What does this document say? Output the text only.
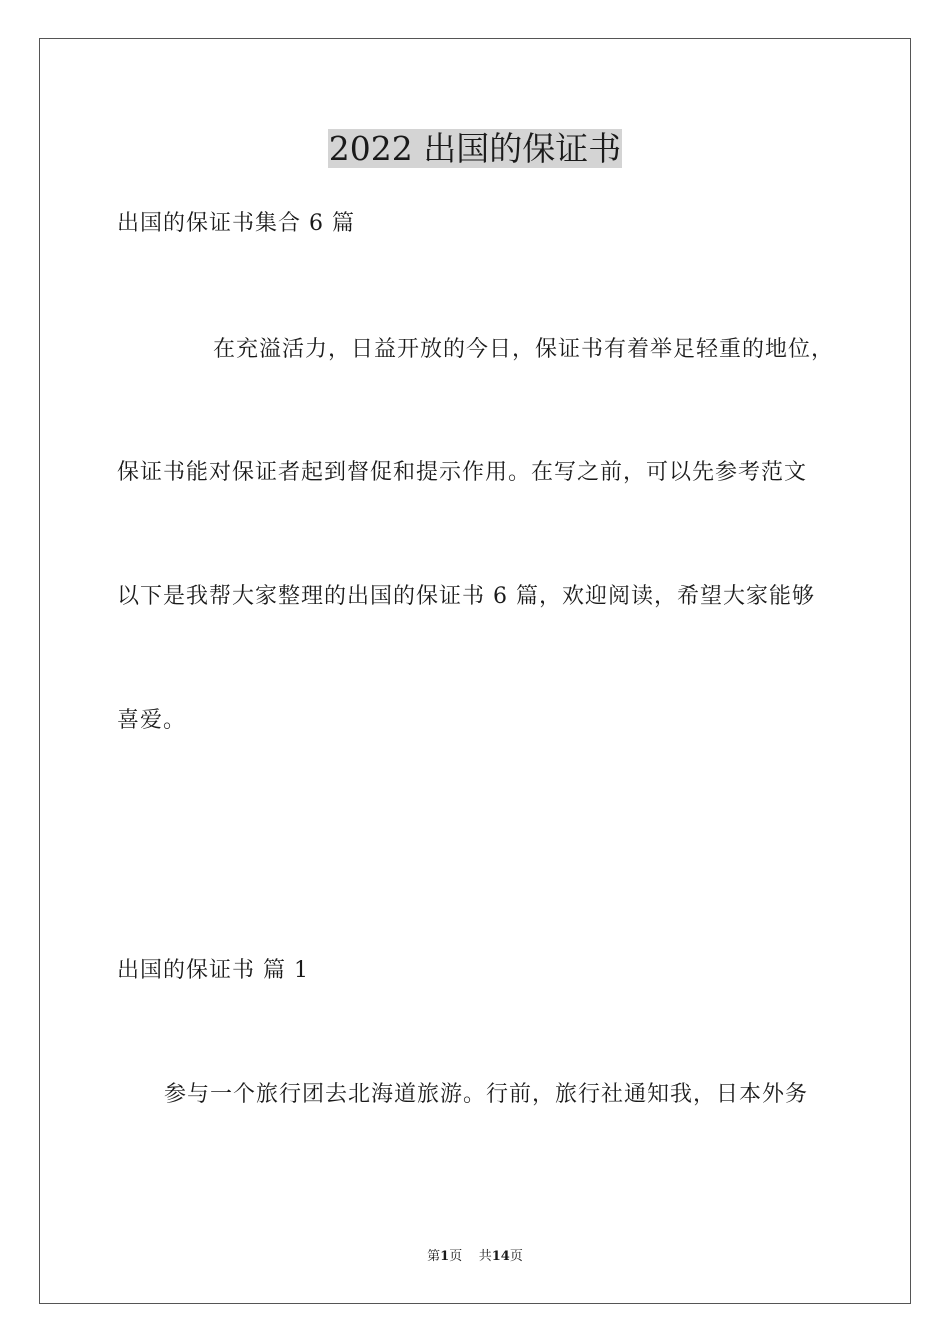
2022 出国的保证书

出国的保证书集合 6 篇

在充溢活力，日益开放的今日，保证书有着举足轻重的地位，

保证书能对保证者起到督促和提示作用。在写之前，可以先参考范文

以下是我帮大家整理的出国的保证书 6 篇，欢迎阅读，希望大家能够

喜爱。

出国的保证书 篇 1

参与一个旅行团去北海道旅游。行前，旅行社通知我，日本外务

第1页 共14页
